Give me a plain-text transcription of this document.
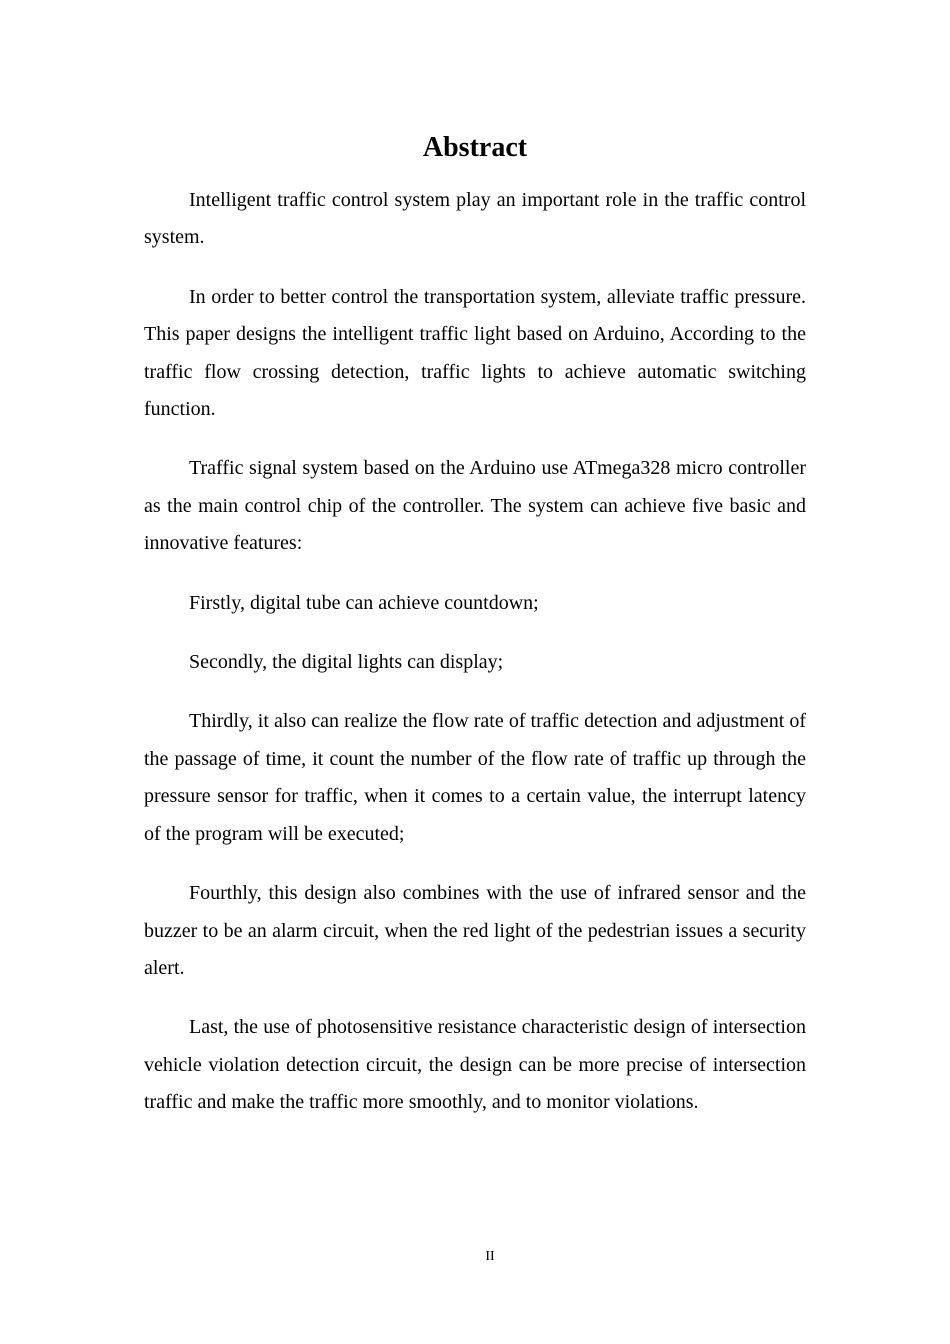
Abstract

Intelligent traffic control system play an important role in the traffic control system.

In order to better control the transportation system, alleviate traffic pressure. This paper designs the intelligent traffic light based on Arduino, According to the traffic flow crossing detection, traffic lights to achieve automatic switching function.

Traffic signal system based on the Arduino use ATmega328 micro controller as the main control chip of the controller. The system can achieve five basic and innovative features:

Firstly, digital tube can achieve countdown;

Secondly, the digital lights can display;

Thirdly, it also can realize the flow rate of traffic detection and adjustment of the passage of time, it count the number of the flow rate of traffic up through the pressure sensor for traffic, when it comes to a certain value, the interrupt latency of the program will be executed;

Fourthly, this design also combines with the use of infrared sensor and the buzzer to be an alarm circuit, when the red light of the pedestrian issues a security alert.

Last, the use of photosensitive resistance characteristic design of intersection vehicle violation detection circuit, the design can be more precise of intersection traffic and make the traffic more smoothly, and to monitor violations.

II
